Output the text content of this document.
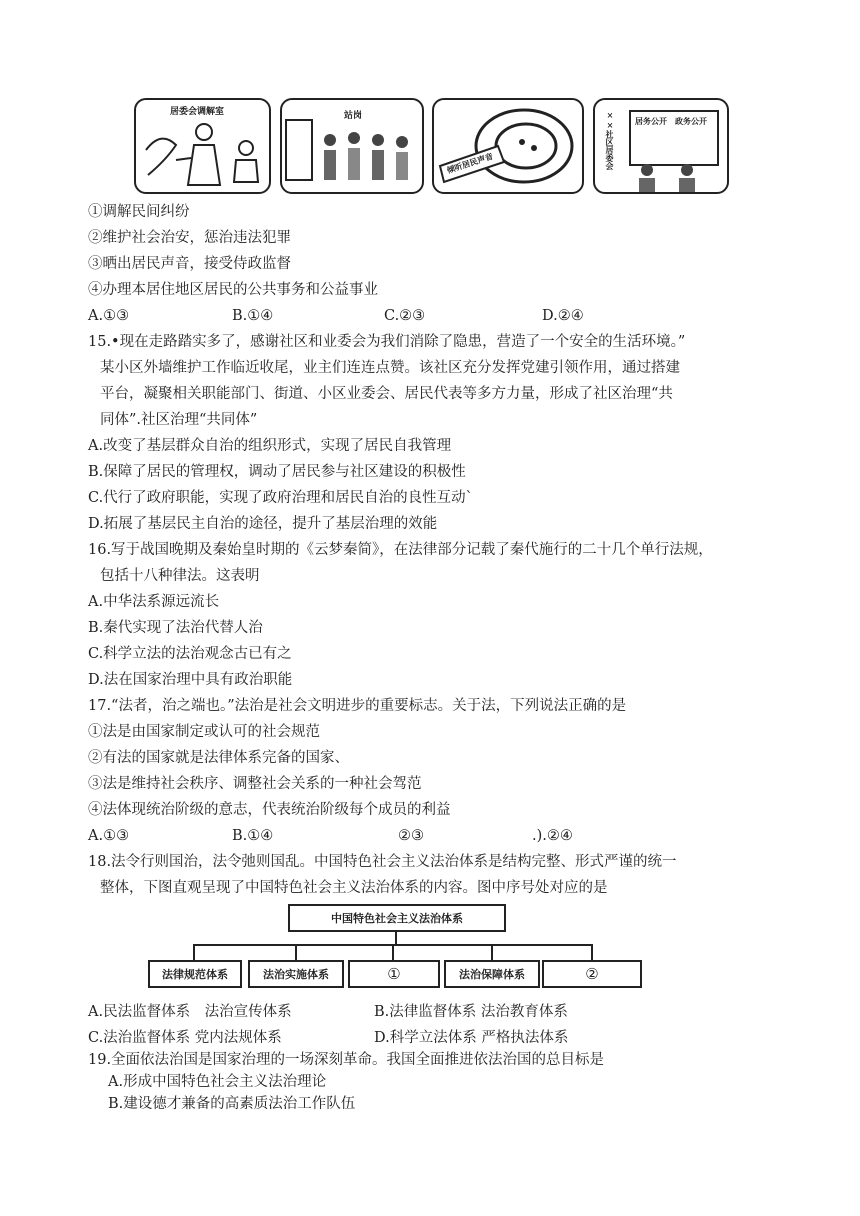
居委会调解室	站岗
倾听居民声音	××社区居委会	居务公开 政务公开
①调解民间纠纷
②维护社会治安，惩治违法犯罪
③晒出居民声音，接受侍政监督
④办理本居住地区居民的公共事务和公益事业
A.①③	B.①④	C.②③	D.②④
15.•现在走路踏实多了，感谢社区和业委会为我们消除了隐患，营造了一个安全的生活环境。”
某小区外墙维护工作临近收尾，业主们连连点赞。该社区充分发挥党建引领作用，通过搭建
平台，凝聚相关职能部门、街道、小区业委会、居民代表等多方力量，形成了社区治理“共
同体”.社区治理“共同体”
A.改变了基层群众自治的组织形式，实现了居民自我管理
B.保障了居民的管理权，调动了居民参与社区建设的积极性
C.代行了政府职能，实现了政府治理和居民自治的良性互动`
D.拓展了基层民主自治的途径，提升了基层治理的效能
16.写于战国晚期及秦始皇时期的《云梦秦简》，在法律部分记载了秦代施行的二十几个单行法规，
包括十八种律法。这表明
A.中华法系源远流长
B.秦代实现了法治代替人治
C.科学立法的法治观念古已有之
D.法在国家治理中具有政治职能
17.“法者，治之端也。”法治是社会文明进步的重要标志。关于法，下列说法正确的是
①法是由国家制定或认可的社会规范
②有法的国家就是法律体系完备的国家、
③法是维持社会秩序、调整社会关系的一种社会驾范
④法体现统治阶级的意志，代表统治阶级每个成员的利益
A.①③	B.①④	②③	.).②④
18.法令行则国治，法令弛则国乱。中国特色社会主义法治体系是结构完整、形式严谨的统一
整体，下图直观呈现了中国特色社会主义法治体系的内容。图中序号处对应的是
中国特色社会主义法治体系
法律规范体系	法治实施体系	①	法治保障体系	②
A.民法监督体系　法治宣传体系	B.法律监督体系 法治教育体系
C.法治监督体系 党内法规体系	D.科学立法体系 严格执法体系
19.全面依法治国是国家治理的一场深刻革命。我国全面推进依法治国的总目标是
A.形成中国特色社会主义法治理论
B.建设德才兼备的高素质法治工作队伍
